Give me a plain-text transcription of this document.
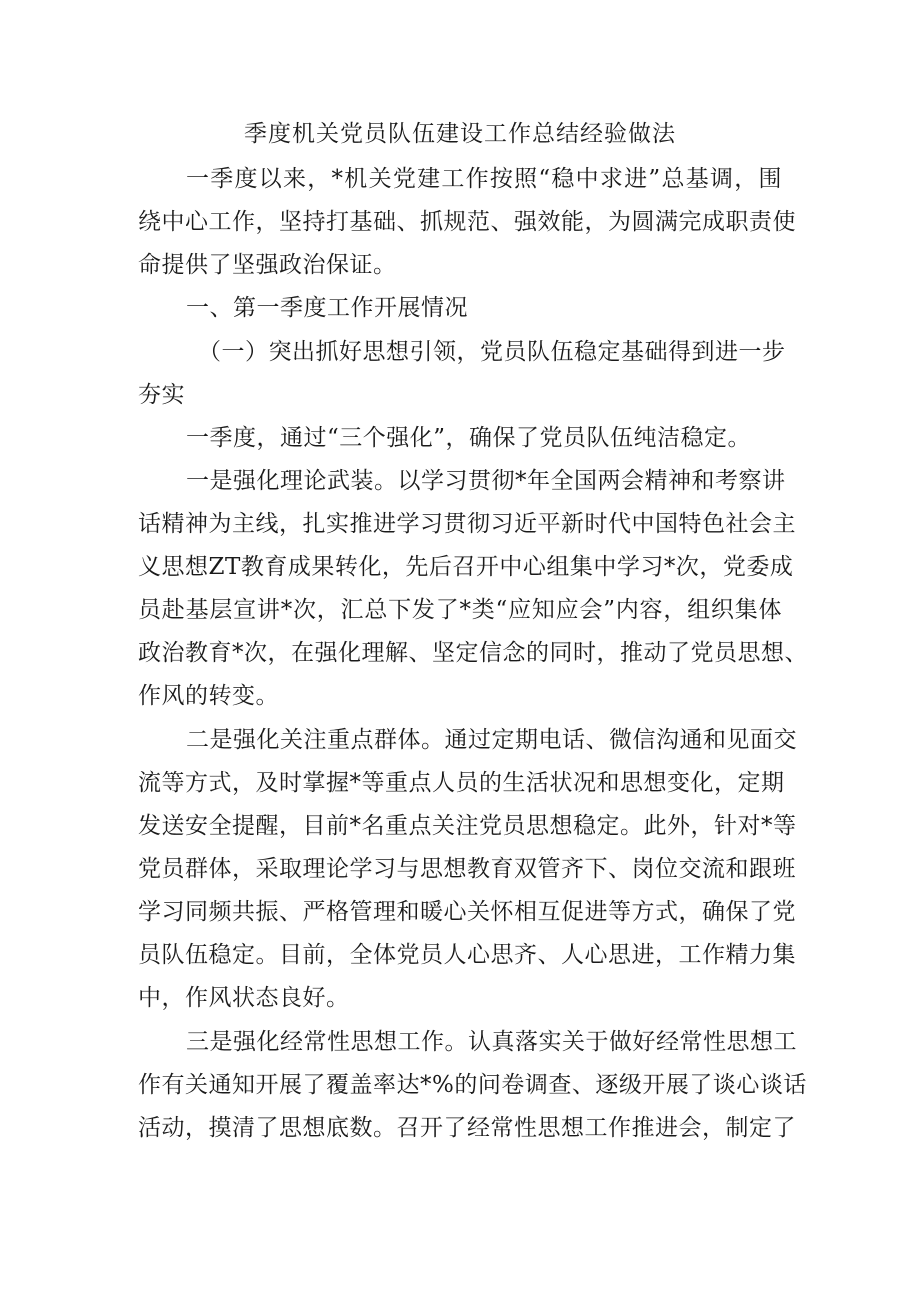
季度机关党员队伍建设工作总结经验做法
一季度以来，*机关党建工作按照“稳中求进”总基调，围
绕中心工作，坚持打基础、抓规范、强效能，为圆满完成职责使
命提供了坚强政治保证。
一、第一季度工作开展情况
（一）突出抓好思想引领，党员队伍稳定基础得到进一步
夯实
一季度，通过“三个强化”，确保了党员队伍纯洁稳定。
一是强化理论武装。以学习贯彻*年全国两会精神和考察讲
话精神为主线，扎实推进学习贯彻习近平新时代中国特色社会主
义思想ZT教育成果转化，先后召开中心组集中学习*次，党委成
员赴基层宣讲*次，汇总下发了*类“应知应会”内容，组织集体
政治教育*次，在强化理解、坚定信念的同时，推动了党员思想、
作风的转变。
二是强化关注重点群体。通过定期电话、微信沟通和见面交
流等方式，及时掌握*等重点人员的生活状况和思想变化，定期
发送安全提醒，目前*名重点关注党员思想稳定。此外，针对*等
党员群体，采取理论学习与思想教育双管齐下、岗位交流和跟班
学习同频共振、严格管理和暖心关怀相互促进等方式，确保了党
员队伍稳定。目前，全体党员人心思齐、人心思进，工作精力集
中，作风状态良好。
三是强化经常性思想工作。认真落实关于做好经常性思想工
作有关通知开展了覆盖率达*%的问卷调查、逐级开展了谈心谈话
活动，摸清了思想底数。召开了经常性思想工作推进会，制定了
